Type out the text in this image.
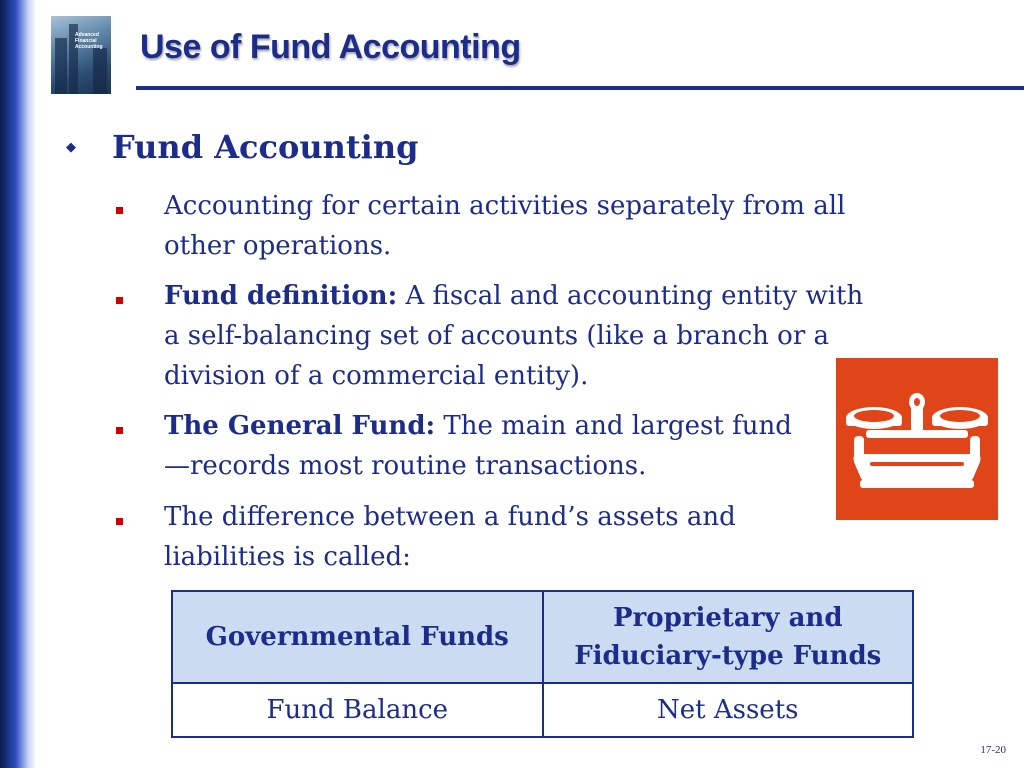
Advanced
Financial
Accounting Use of Fund Accounting
◆ Fund Accounting
Accounting for certain activities separately from all other operations.
Fund definition: A fiscal and accounting entity with a self-balancing set of accounts (like a branch or a division of a commercial entity).
The General Fund: The main and largest fund—records most routine transactions.
The difference between a fund’s assets and liabilities is called:
Governmental Funds	Proprietary and Fiduciary-type Funds
Fund Balance	Net Assets
17-20
